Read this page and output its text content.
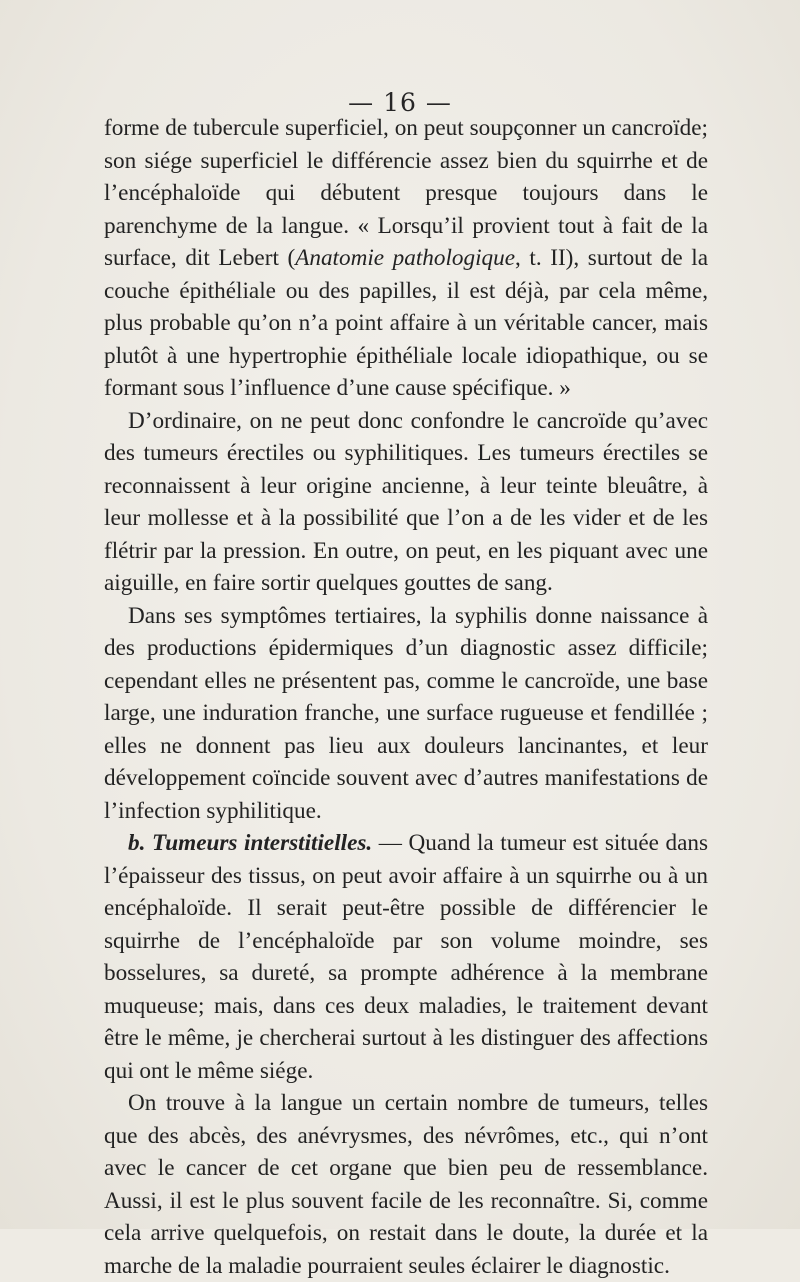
— 16 —

forme de tubercule superficiel, on peut soupçonner un cancroïde; son siége superficiel le différencie assez bien du squirrhe et de l’encéphaloïde qui débutent presque toujours dans le parenchyme de la langue. « Lorsqu’il provient tout à fait de la surface, dit Lebert (Anatomie pathologique, t. II), surtout de la couche épithéliale ou des papilles, il est déjà, par cela même, plus probable qu’on n’a point affaire à un véritable cancer, mais plutôt à une hypertrophie épithéliale locale idiopathique, ou se formant sous l’influence d’une cause spécifique. »

D’ordinaire, on ne peut donc confondre le cancroïde qu’avec des tumeurs érectiles ou syphilitiques. Les tumeurs érectiles se reconnaissent à leur origine ancienne, à leur teinte bleuâtre, à leur mollesse et à la possibilité que l’on a de les vider et de les flétrir par la pression. En outre, on peut, en les piquant avec une aiguille, en faire sortir quelques gouttes de sang.

Dans ses symptômes tertiaires, la syphilis donne naissance à des productions épidermiques d’un diagnostic assez difficile; cependant elles ne présentent pas, comme le cancroïde, une base large, une induration franche, une surface rugueuse et fendillée ; elles ne donnent pas lieu aux douleurs lancinantes, et leur développement coïncide souvent avec d’autres manifestations de l’infection syphilitique.

b. Tumeurs interstitielles. — Quand la tumeur est située dans l’épaisseur des tissus, on peut avoir affaire à un squirrhe ou à un encéphaloïde. Il serait peut-être possible de différencier le squirrhe de l’encéphaloïde par son volume moindre, ses bosselures, sa dureté, sa prompte adhérence à la membrane muqueuse; mais, dans ces deux maladies, le traitement devant être le même, je chercherai surtout à les distinguer des affections qui ont le même siége.

On trouve à la langue un certain nombre de tumeurs, telles que des abcès, des anévrysmes, des névrômes, etc., qui n’ont avec le cancer de cet organe que bien peu de ressemblance. Aussi, il est le plus souvent facile de les reconnaître. Si, comme cela arrive quelquefois, on restait dans le doute, la durée et la marche de la maladie pourraient seules éclairer le diagnostic.
